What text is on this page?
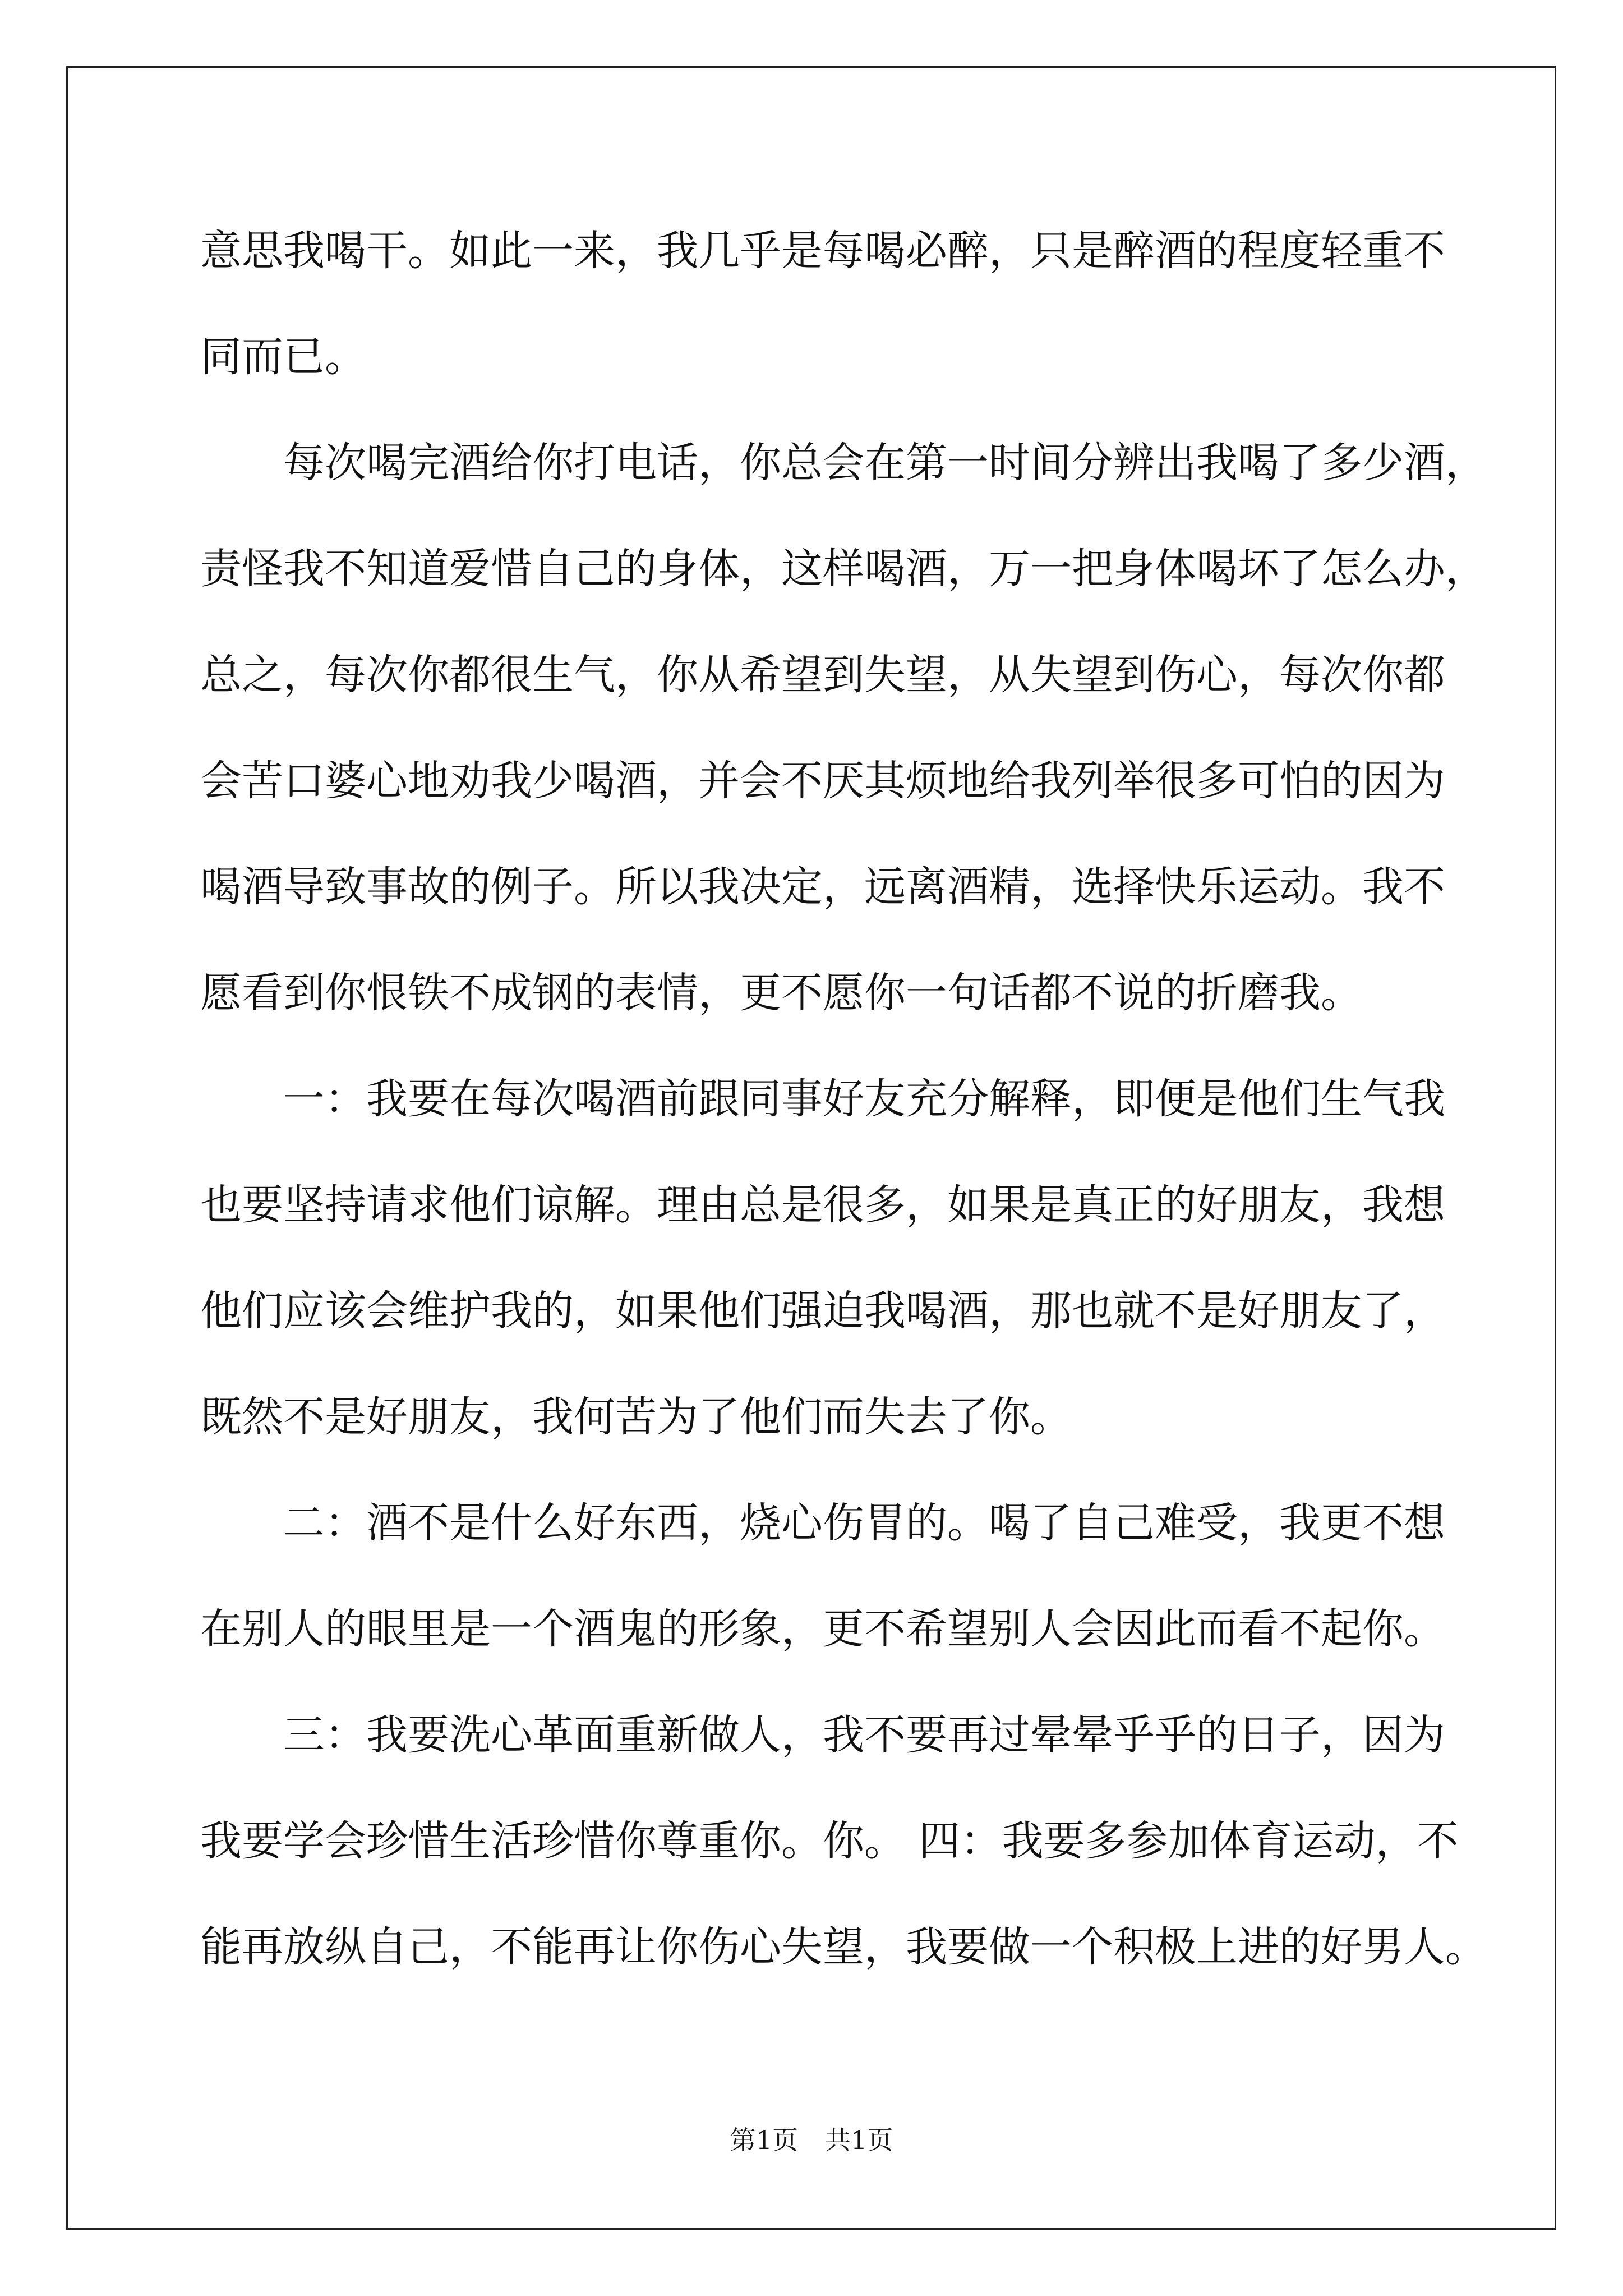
意思我喝干。如此一来，我几乎是每喝必醉，只是醉酒的程度轻重不
同而已。
每次喝完酒给你打电话，你总会在第一时间分辨出我喝了多少酒，
责怪我不知道爱惜自己的身体，这样喝酒，万一把身体喝坏了怎么办，
总之，每次你都很生气，你从希望到失望，从失望到伤心，每次你都
会苦口婆心地劝我少喝酒，并会不厌其烦地给我列举很多可怕的因为
喝酒导致事故的例子。所以我决定，远离酒精，选择快乐运动。我不
愿看到你恨铁不成钢的表情，更不愿你一句话都不说的折磨我。
一：我要在每次喝酒前跟同事好友充分解释，即便是他们生气我
也要坚持请求他们谅解。理由总是很多，如果是真正的好朋友，我想
他们应该会维护我的，如果他们强迫我喝酒，那也就不是好朋友了，
既然不是好朋友，我何苦为了他们而失去了你。
二：酒不是什么好东西，烧心伤胃的。喝了自己难受，我更不想
在别人的眼里是一个酒鬼的形象，更不希望别人会因此而看不起你。
三：我要洗心革面重新做人，我不要再过晕晕乎乎的日子，因为
我要学会珍惜生活珍惜你尊重你。你。 四：我要多参加体育运动，不
能再放纵自己，不能再让你伤心失望，我要做一个积极上进的好男人。
第1页 共1页
